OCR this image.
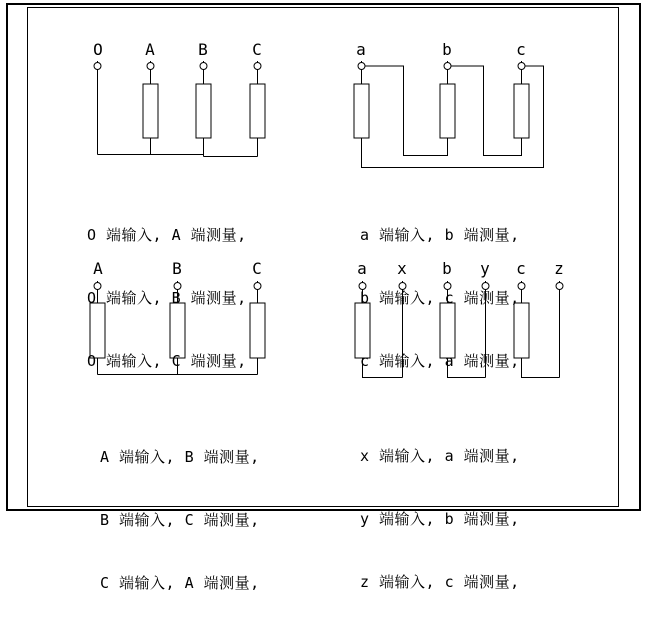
O	A	B	C	a	b	c
A	B	C	a x b y c z

O 端输入, A 端测量,

O 端输入, B 端测量,

O 端输入, C 端测量,

a 端输入, b 端测量,

b 端输入, c 端测量,

c 端输入, a 端测量,

A 端输入, B 端测量,

B 端输入, C 端测量,

C 端输入, A 端测量,

x 端输入, a 端测量,

y 端输入, b 端测量,

z 端输入, c 端测量,
